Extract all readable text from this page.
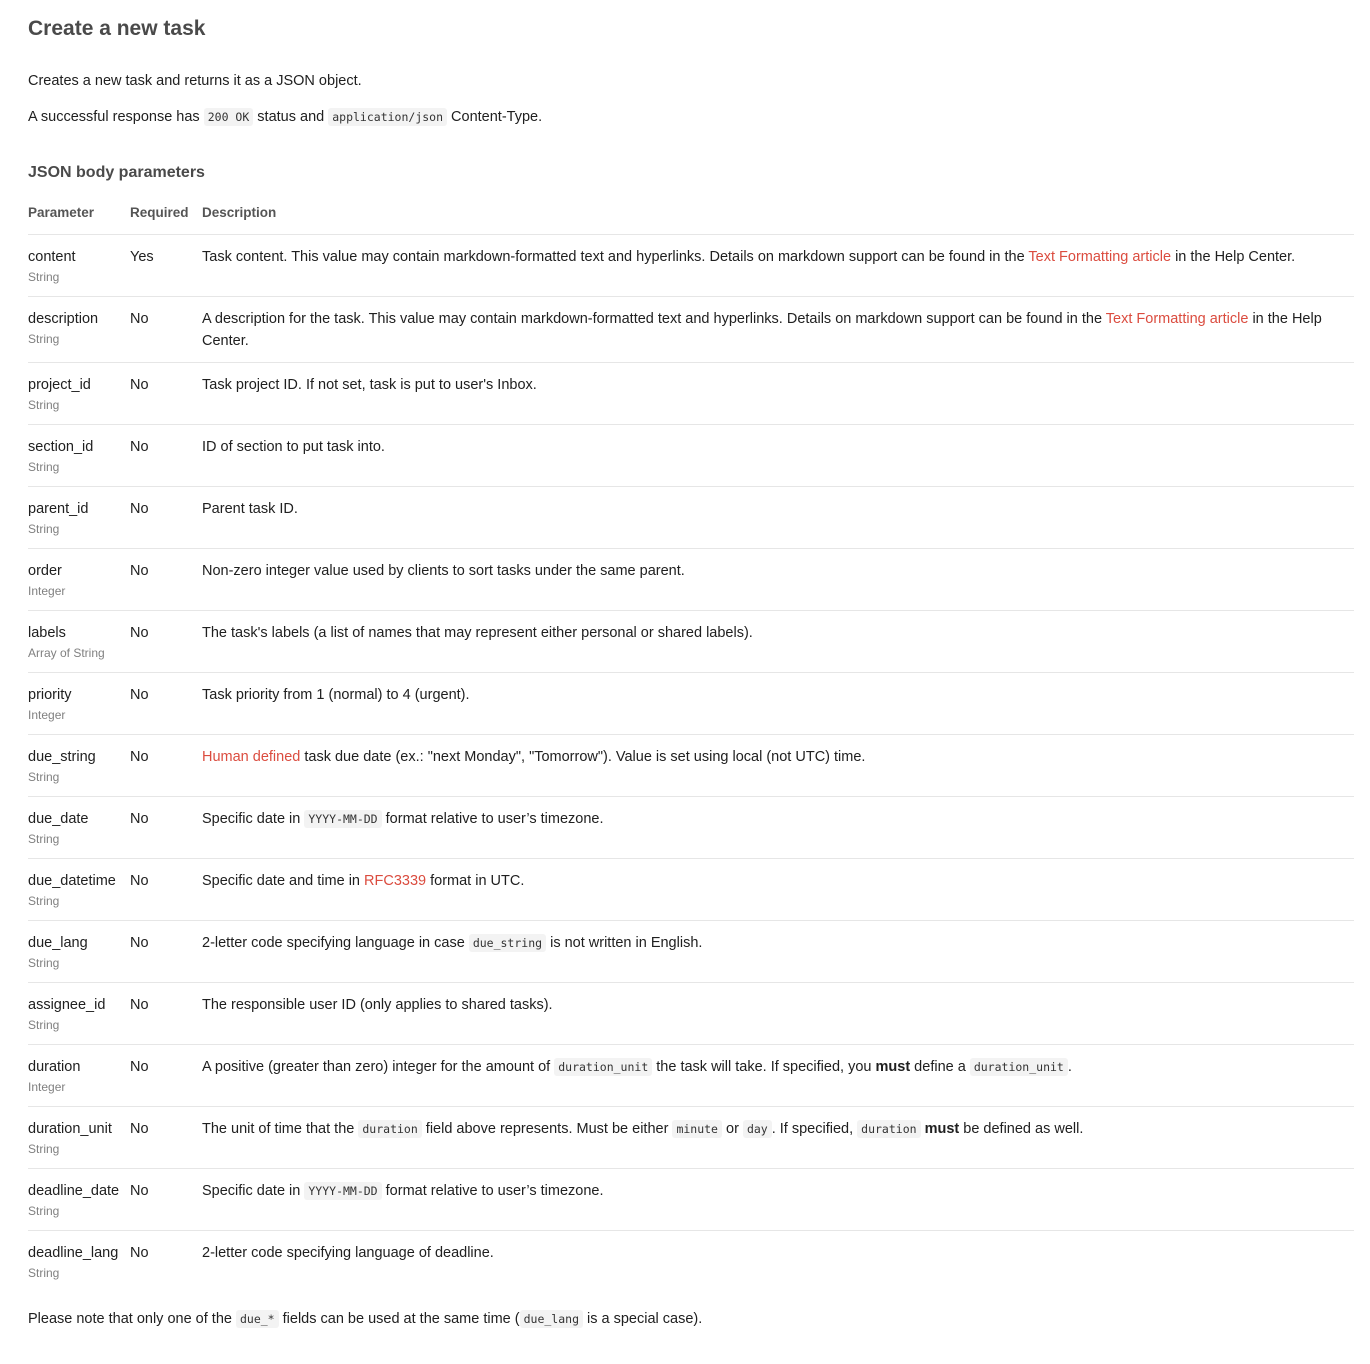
Create a new task

Creates a new task and returns it as a JSON object.

A successful response has 200 OK status and application/json Content-Type.

JSON body parameters
Parameter	Required	Description

content
String	Yes	Task content. This value may contain markdown-formatted text and hyperlinks. Details on markdown support can be found in the Text Formatting article in the Help Center.

description
String	No	A description for the task. This value may contain markdown-formatted text and hyperlinks. Details on markdown support can be found in the Text Formatting article in the Help Center.

project_id
String	No	Task project ID. If not set, task is put to user's Inbox.

section_id
String	No	ID of section to put task into.

parent_id
String	No	Parent task ID.

order
Integer	No	Non-zero integer value used by clients to sort tasks under the same parent.

labels
Array of String	No	The task's labels (a list of names that may represent either personal or shared labels).

priority
Integer	No	Task priority from 1 (normal) to 4 (urgent).

due_string
String	No	Human defined task due date (ex.: "next Monday", "Tomorrow"). Value is set using local (not UTC) time.

due_date
String	No	Specific date in YYYY-MM-DD format relative to user’s timezone.

due_datetime
String	No	Specific date and time in RFC3339 format in UTC.

due_lang
String	No	2-letter code specifying language in case due_string is not written in English.

assignee_id
String	No	The responsible user ID (only applies to shared tasks).

duration
Integer	No	A positive (greater than zero) integer for the amount of duration_unit the task will take. If specified, you must define a duration_unit .

duration_unit
String	No	The unit of time that the duration field above represents. Must be either minute or day . If specified, duration must be defined as well.

deadline_date
String	No	Specific date in YYYY-MM-DD format relative to user’s timezone.

deadline_lang
String	No	2-letter code specifying language of deadline.

Please note that only one of the due_* fields can be used at the same time ( due_lang is a special case).
